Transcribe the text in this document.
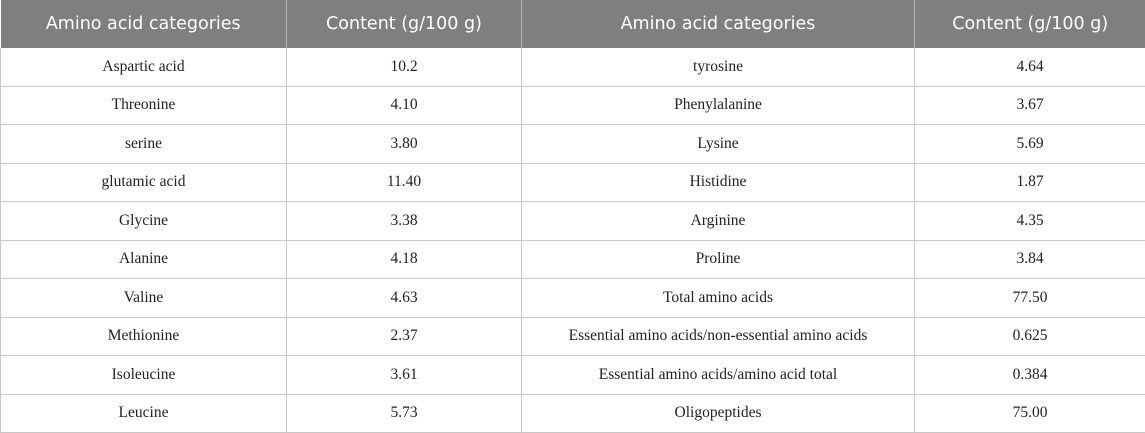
Amino acid categories	Content (g/100 g)	Amino acid categories	Content (g/100 g)
Aspartic acid	10.2	tyrosine	4.64
Threonine	4.10	Phenylalanine	3.67
serine	3.80	Lysine	5.69
glutamic acid	11.40	Histidine	1.87
Glycine	3.38	Arginine	4.35
Alanine	4.18	Proline	3.84
Valine	4.63	Total amino acids	77.50
Methionine	2.37	Essential amino acids/non-essential amino acids	0.625
Isoleucine	3.61	Essential amino acids/amino acid total	0.384
Leucine	5.73	Oligopeptides	75.00
